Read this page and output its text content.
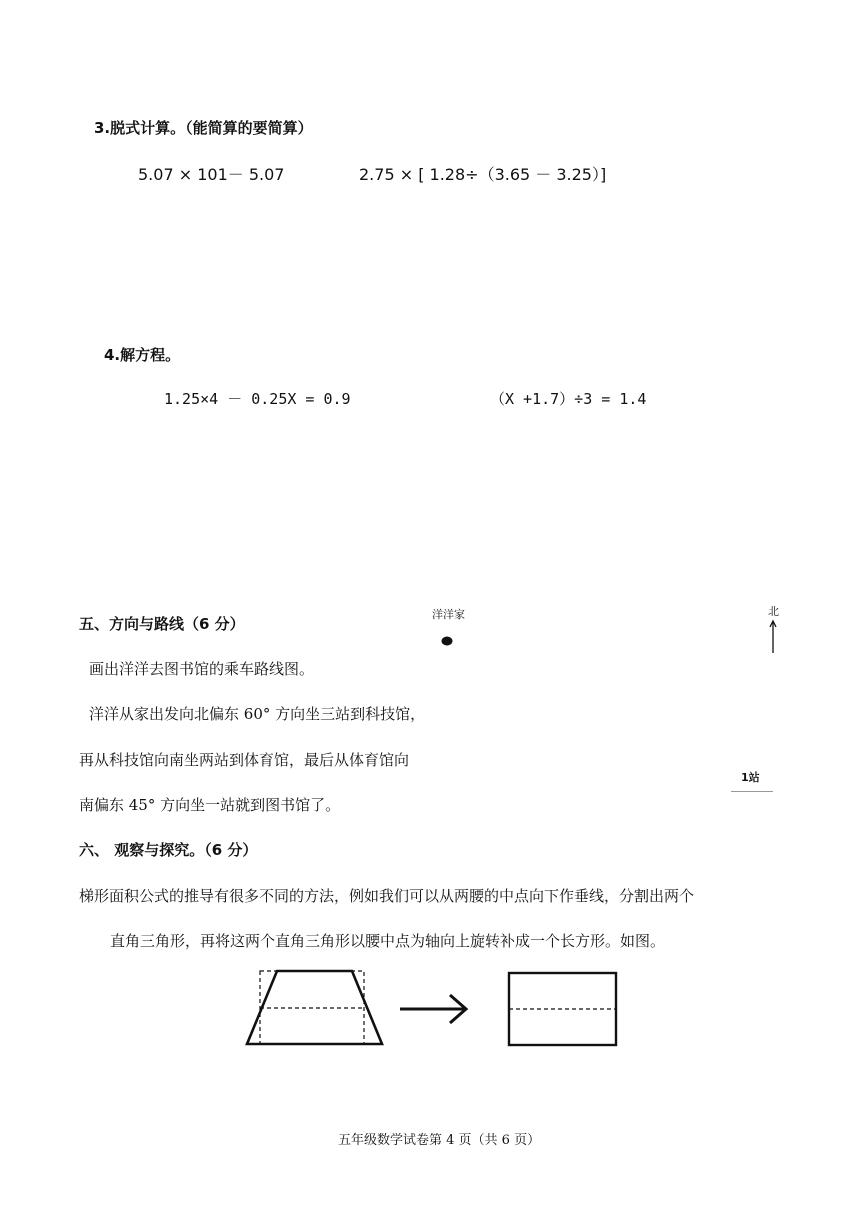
3.脱式计算。（能简算的要简算）
5.07 × 101－ 5.07	2.75 × [ 1.28÷（3.65 － 3.25）]
4.解方程。
1.25×4 － 0.25X = 0.9	（X +1.7）÷3 = 1.4
五、方向与路线（6 分）
画出洋洋去图书馆的乘车路线图。
洋洋从家出发向北偏东 60° 方向坐三站到科技馆，
再从科技馆向南坐两站到体育馆，最后从体育馆向
南偏东 45° 方向坐一站就到图书馆了。
洋洋家	北
1站
六、 观察与探究。（6 分）
梯形面积公式的推导有很多不同的方法，例如我们可以从两腰的中点向下作垂线，分割出两个
直角三角形，再将这两个直角三角形以腰中点为轴向上旋转补成一个长方形。如图。
五年级数学试卷第 4 页（共 6 页）
